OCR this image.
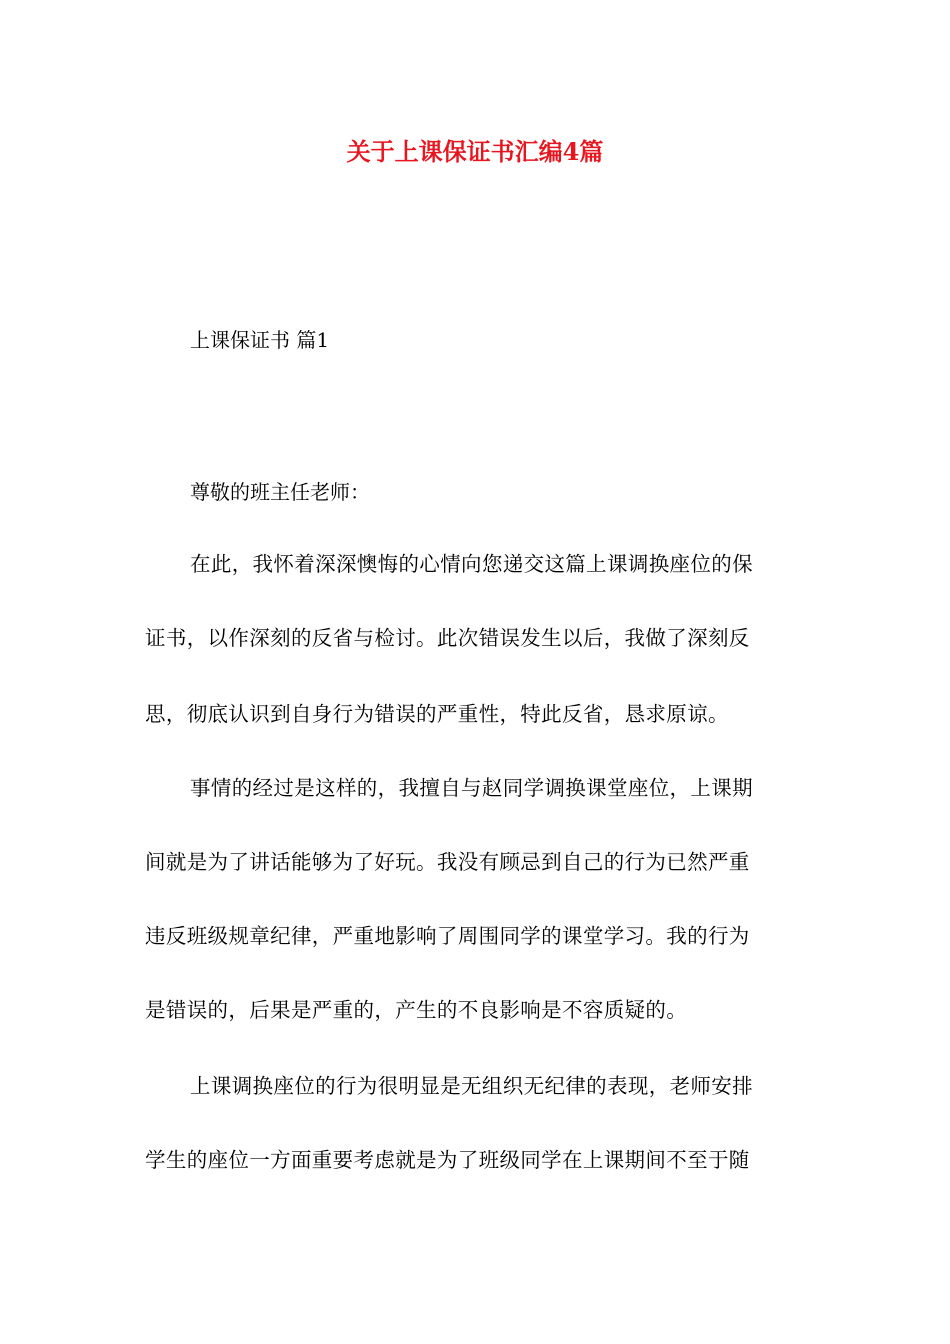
关于上课保证书汇编4篇
上课保证书 篇1
尊敬的班主任老师：
在此，我怀着深深懊悔的心情向您递交这篇上课调换座位的保
证书，以作深刻的反省与检讨。此次错误发生以后，我做了深刻反
思，彻底认识到自身行为错误的严重性，特此反省，恳求原谅。
事情的经过是这样的，我擅自与赵同学调换课堂座位，上课期
间就是为了讲话能够为了好玩。我没有顾忌到自己的行为已然严重
违反班级规章纪律，严重地影响了周围同学的课堂学习。我的行为
是错误的，后果是严重的，产生的不良影响是不容质疑的。
上课调换座位的行为很明显是无组织无纪律的表现，老师安排
学生的座位一方面重要考虑就是为了班级同学在上课期间不至于随
